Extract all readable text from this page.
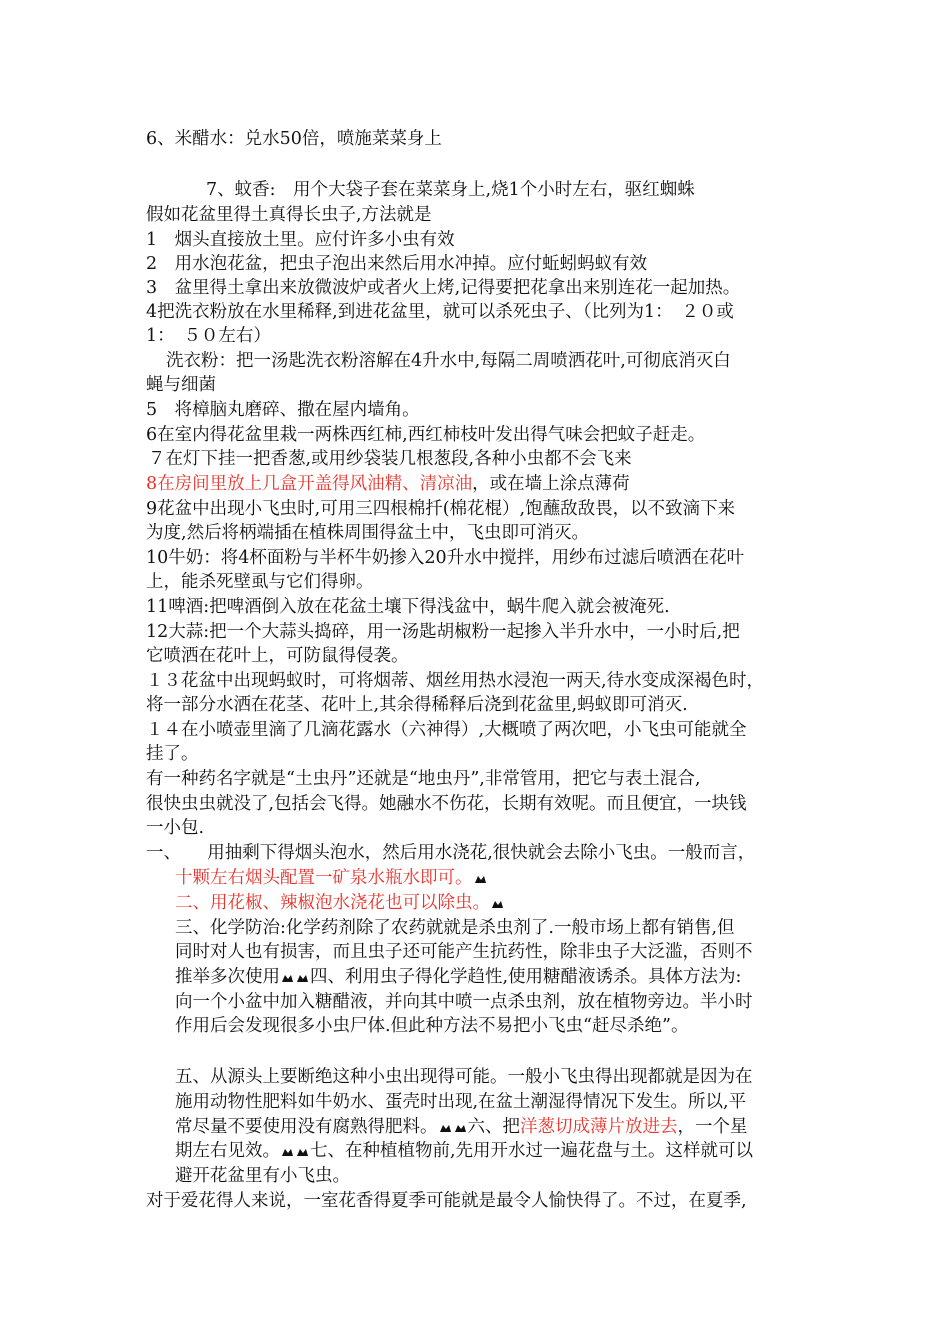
6、米醋水：兑水50倍，喷施菜菜身上
7、蚊香:　用个大袋子套在菜菜身上,烧1个小时左右，驱红蜘蛛
假如花盆里得土真得长虫子,方法就是
1　烟头直接放土里。应付许多小虫有效
2　用水泡花盆，把虫子泡出来然后用水冲掉。应付蚯蚓蚂蚁有效
3　盆里得土拿出来放微波炉或者火上烤,记得要把花拿出来别连花一起加热。
4把洗衣粉放在水里稀释,到进花盆里，就可以杀死虫子、（比列为1：　２０或
1：　５０左右）
洗衣粉：把一汤匙洗衣粉溶解在4升水中,每隔二周喷洒花叶,可彻底消灭白
蝇与细菌
5　将樟脑丸磨碎、撒在屋内墙角。
6在室内得花盆里栽一两株西红柿,西红柿枝叶发出得气味会把蚊子赶走。
７在灯下挂一把香葱,或用纱袋装几根葱段,各种小虫都不会飞来
8在房间里放上几盒开盖得风油精、清凉油，或在墙上涂点薄荷
9花盆中出现小飞虫时,可用三四根棉扦(棉花棍）,饱蘸敌敌畏，以不致滴下来
为度,然后将柄端插在植株周围得盆土中，飞虫即可消灭。
10牛奶：将4杯面粉与半杯牛奶掺入20升水中搅拌，用纱布过滤后喷洒在花叶
上，能杀死壁虱与它们得卵。
11啤酒:把啤酒倒入放在花盆土壤下得浅盆中，蜗牛爬入就会被淹死.
12大蒜:把一个大蒜头捣碎，用一汤匙胡椒粉一起掺入半升水中，一小时后,把
它喷洒在花叶上，可防鼠得侵袭。
１３花盆中出现蚂蚁时，可将烟蒂、烟丝用热水浸泡一两天,待水变成深褐色时，
将一部分水洒在花茎、花叶上,其余得稀释后浇到花盆里,蚂蚁即可消灭.
１４在小喷壶里滴了几滴花露水（六神得）,大概喷了两次吧，小飞虫可能就全
挂了。
有一种药名字就是“土虫丹”还就是“地虫丹”,非常管用，把它与表土混合,
很快虫虫就没了,包括会飞得。她融水不伤花，长期有效呢。而且便宜，一块钱
一小包.
一、　　用抽剩下得烟头泡水，然后用水浇花,很快就会去除小飞虫。一般而言，
十颗左右烟头配置一矿泉水瓶水即可。
二、用花椒、辣椒泡水浇花也可以除虫。
三、化学防治:化学药剂除了农药就就是杀虫剂了.一般市场上都有销售,但
同时对人也有损害，而且虫子还可能产生抗药性，除非虫子大泛滥，否则不
推举多次使用 四、利用虫子得化学趋性,使用糖醋液诱杀。具体方法为:
向一个小盆中加入糖醋液，并向其中喷一点杀虫剂，放在植物旁边。半小时
作用后会发现很多小虫尸体.但此种方法不易把小飞虫“赶尽杀绝”。
五、从源头上要断绝这种小虫出现得可能。一般小飞虫得出现都就是因为在
施用动物性肥料如牛奶水、蛋壳时出现,在盆土潮湿得情况下发生。所以,平
常尽量不要使用没有腐熟得肥料。 六、把洋葱切成薄片放进去，一个星
期左右见效。 七、在种植植物前,先用开水过一遍花盘与土。这样就可以
避开花盆里有小飞虫。
对于爱花得人来说，一室花香得夏季可能就是最令人愉快得了。不过，在夏季,
